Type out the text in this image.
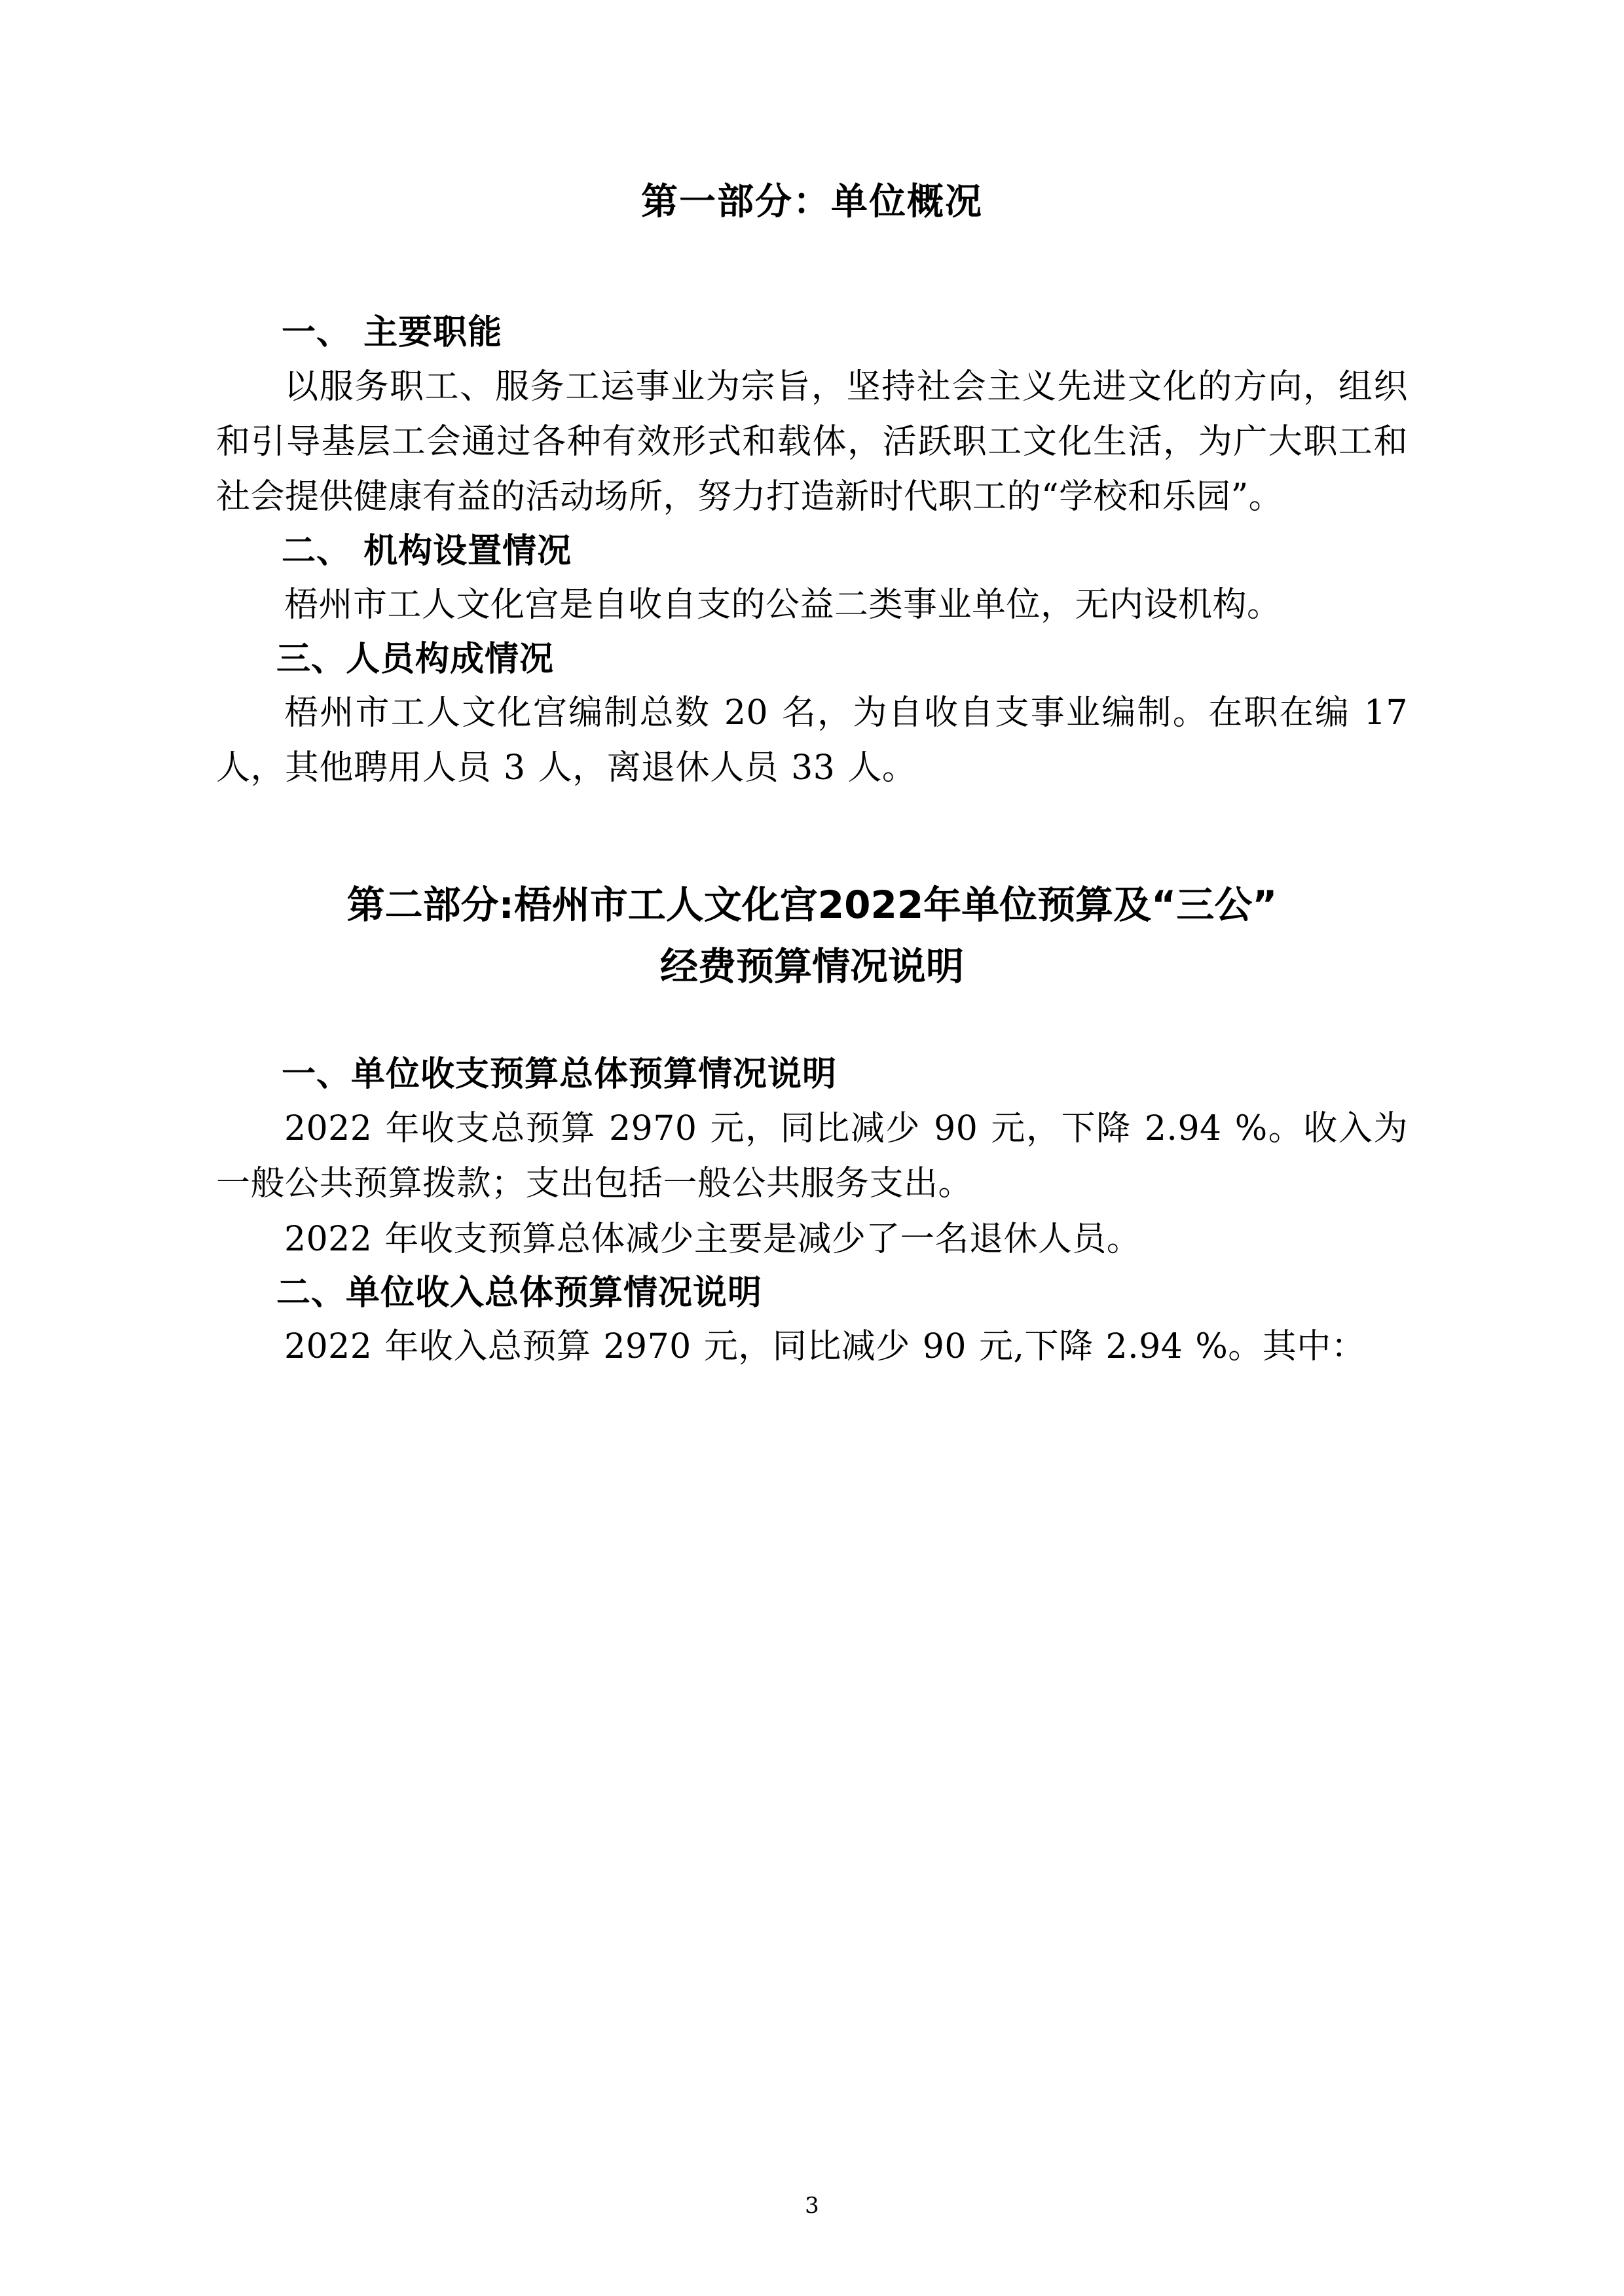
第一部分：单位概况
一、 主要职能

以服务职工、服务工运事业为宗旨，坚持社会主义先进文化的方向，组织和引导基层工会通过各种有效形式和载体，活跃职工文化生活，为广大职工和社会提供健康有益的活动场所，努力打造新时代职工的“学校和乐园”。

二、 机构设置情况

梧州市工人文化宫是自收自支的公益二类事业单位，无内设机构。

三、人员构成情况

梧州市工人文化宫编制总数 20 名，为自收自支事业编制。在职在编 17 人，其他聘用人员 3 人，离退休人员 33 人。

第二部分:梧州市工人文化宫2022年单位预算及“三公”
经费预算情况说明
一、单位收支预算总体预算情况说明

2022 年收支总预算 2970 元，同比减少 90 元，下降 2.94 %。收入为一般公共预算拨款；支出包括一般公共服务支出。

2022 年收支预算总体减少主要是减少了一名退休人员。

二、单位收入总体预算情况说明

2022 年收入总预算 2970 元，同比减少 90 元,下降 2.94 %。其中：

3
